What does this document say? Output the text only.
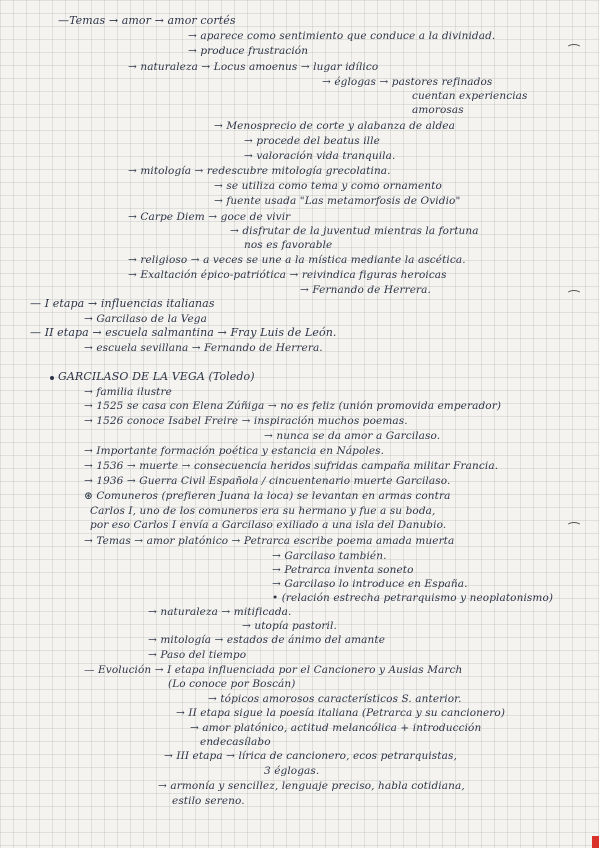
—Temas → amor → amor cortés
→ aparece como sentimiento que conduce a la divinidad.
→ produce frustración
→ naturaleza → Locus amoenus → lugar idílico
→ églogas → pastores refinados
cuentan experiencias
amorosas
→ Menosprecio de corte y alabanza de aldea
→ procede del beatus ille
→ valoración vida tranquila.
→ mitología → redescubre mitología grecolatina.
→ se utiliza como tema y como ornamento
→ fuente usada "Las metamorfosis de Ovidio"
→ Carpe Diem → goce de vivir
→ disfrutar de la juventud mientras la fortuna
nos es favorable
→ religioso → a veces se une a la mística mediante la ascética.
→ Exaltación épico-patriótica → reivindica figuras heroicas
→ Fernando de Herrera.
— I etapa → influencias italianas
→ Garcilaso de la Vega
— II etapa → escuela salmantina → Fray Luis de León.
→ escuela sevillana → Fernando de Herrera.
GARCILASO DE LA VEGA (Toledo)
→ familia ilustre
→ 1525 se casa con Elena Zúñiga → no es feliz (unión promovida emperador)
→ 1526 conoce Isabel Freire → inspiración muchos poemas.
→ nunca se da amor a Garcilaso.
→ Importante formación poética y estancia en Nápoles.
→ 1536 → muerte → consecuencia heridos sufridas campaña militar Francia.
→ 1936 → Guerra Civil Española / cincuentenario muerte Garcilaso.
⊛ Comuneros (prefieren Juana la loca) se levantan en armas contra
Carlos I, uno de los comuneros era su hermano y fue a su boda,
por eso Carlos I envía a Garcilaso exiliado a una isla del Danubio.
→ Temas → amor platónico → Petrarca escribe poema amada muerta
→ Garcilaso también.
→ Petrarca inventa soneto
→ Garcilaso lo introduce en España.
• (relación estrecha petrarquismo y neoplatonismo)
→ naturaleza → mitificada.
→ utopía pastoril.
→ mitología → estados de ánimo del amante
→ Paso del tiempo
— Evolución → I etapa influenciada por el Cancionero y Ausias March
(Lo conoce por Boscán)
→ tópicos amorosos característicos S. anterior.
→ II etapa sigue la poesía italiana (Petrarca y su cancionero)
→ amor platónico, actitud melancólica + introducción
endecasílabo
→ III etapa → lírica de cancionero, ecos petrarquistas,
3 églogas.
→ armonía y sencillez, lenguaje preciso, habla cotidiana,
estilo sereno.
